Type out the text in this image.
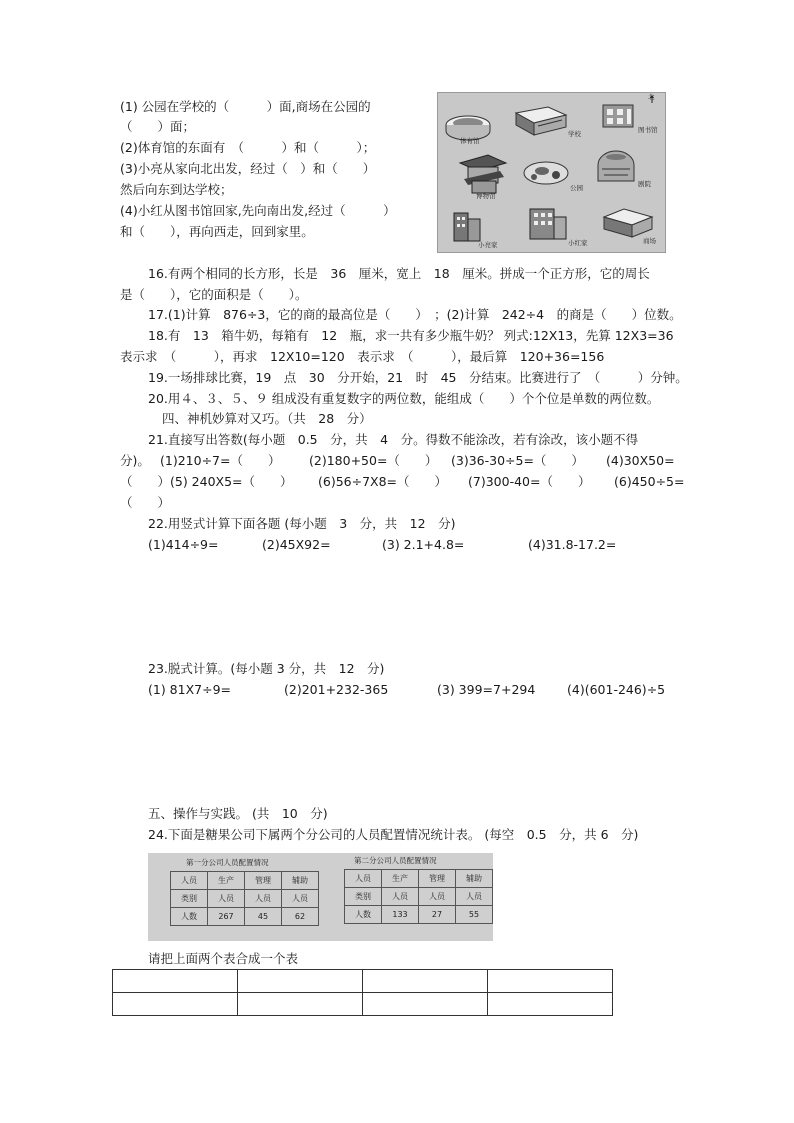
(1) 公园在学校的（　　　）面,商场在公园的
（　　）面；
(2)体育馆的东面有　（　　　）和（　　　）；
(3)小亮从家向北出发，经过（　）和（　　）
然后向东到达学校；
(4)小红从图书馆回家,先向南出发,经过（　　　）
和（　　），再向西走，回到家里。
北
体育馆
学校	图书馆
博物馆
公园	剧院
小亮家	小红家	商场
16.有两个相同的长方形，长是　36　厘米，宽上　18　厘米。拼成一个正方形，它的周长
是（　　），它的面积是（　　）。
17.(1)计算　876÷3，它的商的最高位是（　　）　；(2)计算　242÷4　的商是（　　）位数。
18.有　13　箱牛奶，每箱有　12　瓶，求一共有多少瓶牛奶？ 列式:12X13，先算 12X3=36
表示求　（　　　），再求　12X10=120　表示求　（　　　），最后算　120+36=156
19.一场排球比赛，19　点　30　分开始，21　时　45　分结束。比赛进行了　（　　　）分钟。
20.用４、３、５、９ 组成没有重复数字的两位数，能组成（　　）个个位是单数的两位数。
四、神机妙算对又巧。（共　28　分）
21.直接写出答数(每小题　0.5　分，共　4　分。得数不能涂改，若有涂改，该小题不得
分)。 (1)210÷7=（　　） (2)180+50=（　　） (3)36-30÷5=（　　） (4)30X50=
（　　）(5) 240X5=（　　） (6)56÷7X8=（　　） (7)300-40=（　　） (6)450÷5=
（　　）
22.用竖式计算下面各题 (每小题　3　分，共　12　分)
(1)414÷9=	(2)45X92=	(3) 2.1+4.8=	(4)31.8-17.2=
23.脱式计算。(每小题 3 分，共　12　分)
(1) 81X7÷9=	(2)201+232-365	(3) 399=7+294	(4)(601-246)÷5
五、操作与实践。 (共　10　分)
24.下面是糖果公司下属两个分公司的人员配置情况统计表。 (每空　0.5　分，共 6　分)
第一分公司人员配置情况	第二分公司人员配置情况
人员	生产	管理	辅助
类别	人员	人员	人员
人数	267	45	62
人员	生产	管理	辅助
类别	人员	人员	人员
人数	133	27	55
请把上面两个表合成一个表
